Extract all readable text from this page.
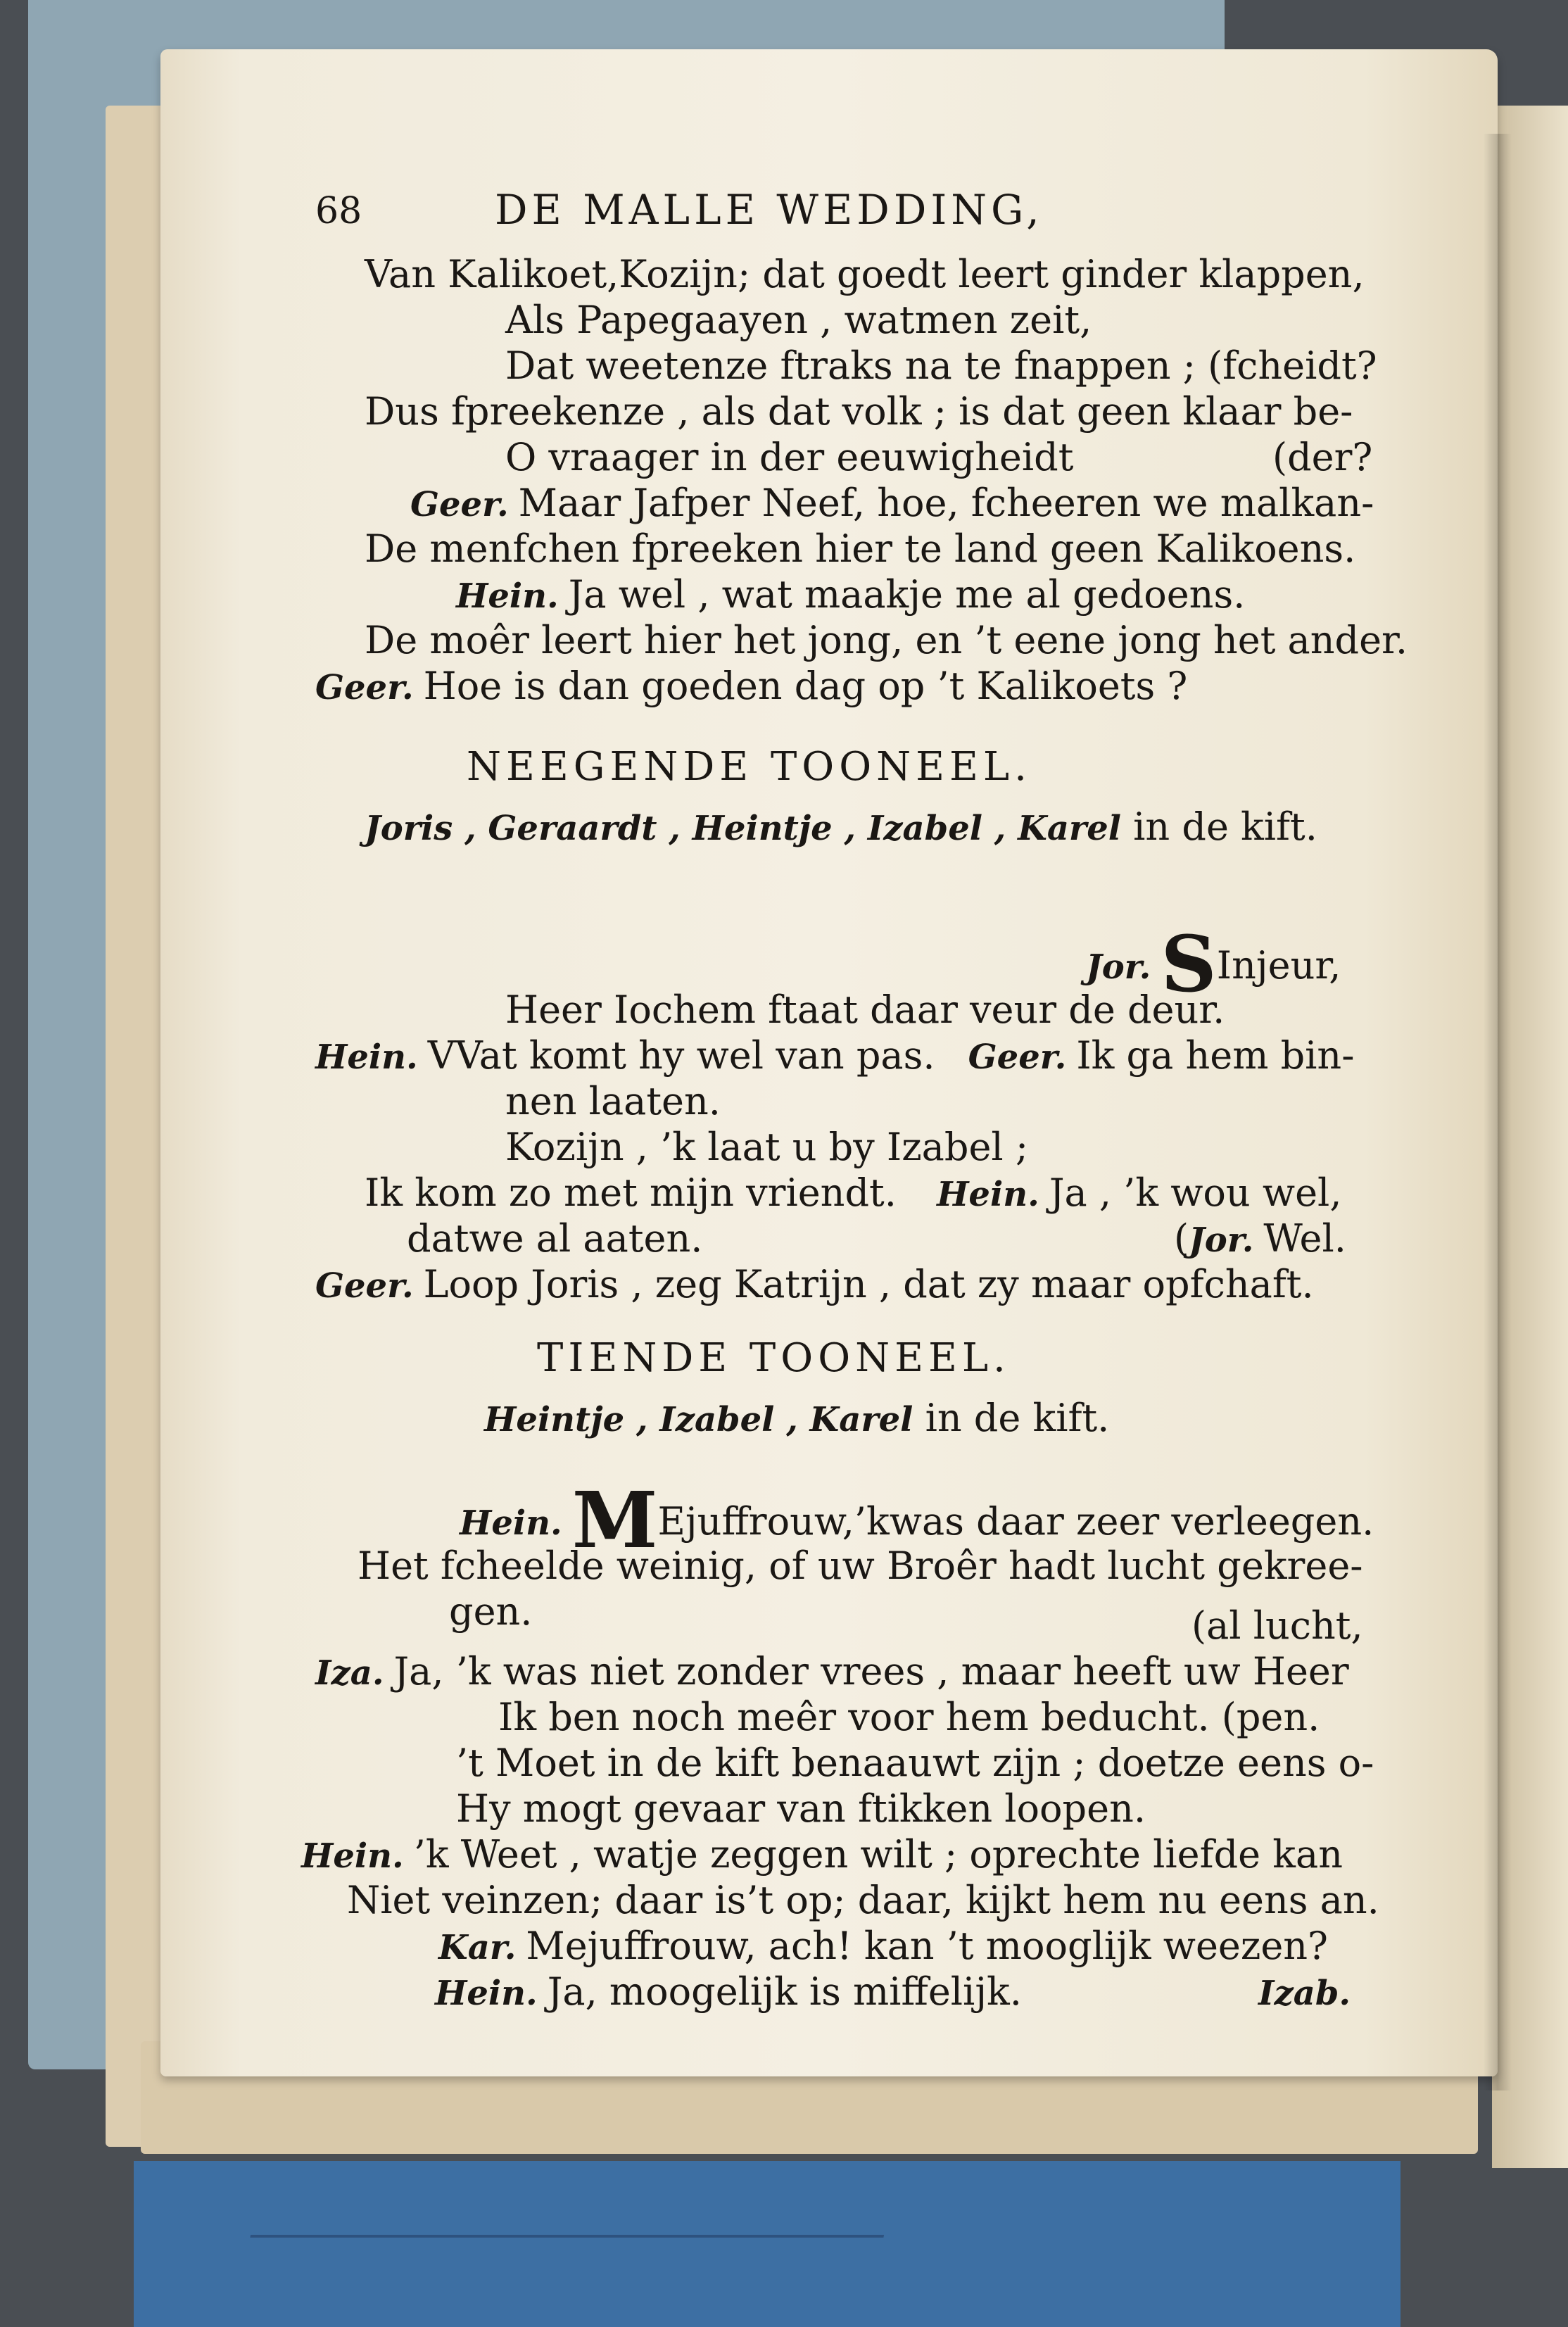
68	DE MALLE WEDDING,
Van Kalikoet,Kozijn; dat goedt leert ginder klappen,
Als Papegaayen , watmen zeit,
Dat weetenze ftraks na te fnappen ; (fcheidt?
Dus fpreekenze , als dat volk ; is dat geen klaar be-
O vraager in der eeuwigheidt	(der?
Geer. Maar Jafper Neef, hoe, fcheeren we malkan-
De menfchen fpreeken hier te land geen Kalikoens.
Hein. Ja wel , wat maakje me al gedoens.
De moêr leert hier het jong, en ’t eene jong het ander.
Geer. Hoe is dan goeden dag op ’t Kalikoets ?
NEEGENDE TOONEEL.
Joris , Geraardt , Heintje , Izabel , Karel in de kift.
Jor. SInjeur,
Heer Iochem ftaat daar veur de deur.
Hein. VVat komt hy wel van pas. Geer. Ik ga hem bin-
nen laaten.
Kozijn , ’k laat u by Izabel ;
Ik kom zo met mijn vriendt. Hein. Ja , ’k wou wel,
datwe al aaten.	(Jor. Wel.
Geer. Loop Joris , zeg Katrijn , dat zy maar opfchaft.
TIENDE TOONEEL.
Heintje , Izabel , Karel in de kift.
Hein. MEjuffrouw,’kwas daar zeer verleegen.
Het fcheelde weinig, of uw Broêr hadt lucht gekree-
gen.	(al lucht,
Iza. Ja, ’k was niet zonder vrees , maar heeft uw Heer
Ik ben noch meêr voor hem beducht. (pen.
’t Moet in de kift benaauwt zijn ; doetze eens o-
Hy mogt gevaar van ftikken loopen.
Hein. ’k Weet , watje zeggen wilt ; oprechte liefde kan
Niet veinzen; daar is’t op; daar, kijkt hem nu eens an.
Kar. Mejuffrouw, ach! kan ’t mooglijk weezen?
Hein. Ja, moogelijk is miffelijk.	Izab.
